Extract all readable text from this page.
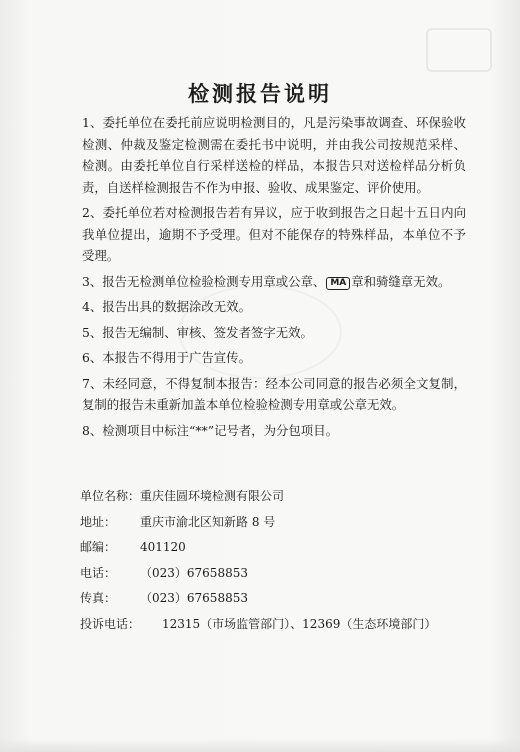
检测报告说明

1、委托单位在委托前应说明检测目的，凡是污染事故调查、环保验收检测、仲裁及鉴定检测需在委托书中说明，并由我公司按规范采样、检测。由委托单位自行采样送检的样品，本报告只对送检样品分析负责，自送样检测报告不作为申报、验收、成果鉴定、评价使用。

2、委托单位若对检测报告若有异议，应于收到报告之日起十五日内向我单位提出，逾期不予受理。但对不能保存的特殊样品，本单位不予受理。

3、报告无检测单位检验检测专用章或公章、 MA 章和骑缝章无效。

4、报告出具的数据涂改无效。

5、报告无编制、审核、签发者签字无效。

6、本报告不得用于广告宣传。

7、未经同意，不得复制本报告：经本公司同意的报告必须全文复制，复制的报告未重新加盖本单位检验检测专用章或公章无效。

8、检测项目中标注“**”记号者，为分包项目。

单位名称：重庆佳圆环境检测有限公司
地址： 重庆市渝北区知新路 8 号
邮编： 401120
电话： （023）67658853
传真： （023）67658853
投诉电话： 12315（市场监管部门）、12369（生态环境部门）
